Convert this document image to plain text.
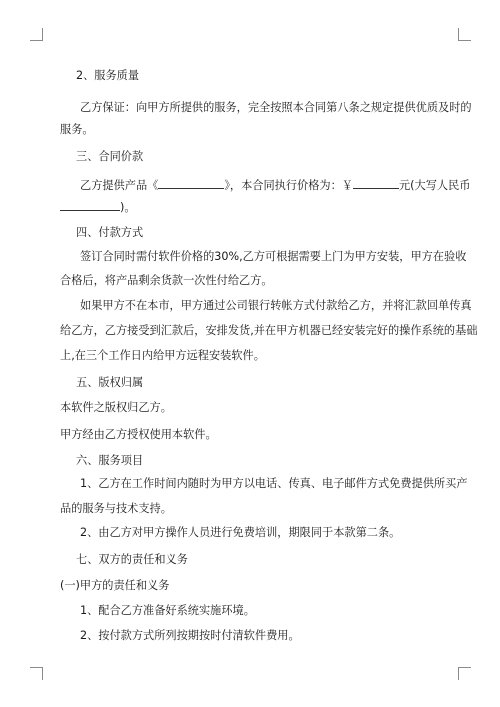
2、服务质量
乙方保证：向甲方所提供的服务，完全按照本合同第八条之规定提供优质及时的
服务。
三、合同价款
乙方提供产品《	》，本合同执行价格为：￥	元(大写人民币
)。
四、付款方式
签订合同时需付软件价格的30%,乙方可根据需要上门为甲方安装，甲方在验收
合格后，将产品剩余货款一次性付给乙方。
如果甲方不在本市，甲方通过公司银行转帐方式付款给乙方，并将汇款回单传真
给乙方，乙方接受到汇款后，安排发货,并在甲方机器已经安装完好的操作系统的基础
上,在三个工作日内给甲方远程安装软件。
五、版权归属
本软件之版权归乙方。
甲方经由乙方授权使用本软件。
六、服务项目
1、乙方在工作时间内随时为甲方以电话、传真、电子邮件方式免费提供所买产
品的服务与技术支持。
2、由乙方对甲方操作人员进行免费培训，期限同于本款第二条。
七、双方的责任和义务
(一)甲方的责任和义务
1、配合乙方准备好系统实施环境。
2、按付款方式所列按期按时付清软件费用。
